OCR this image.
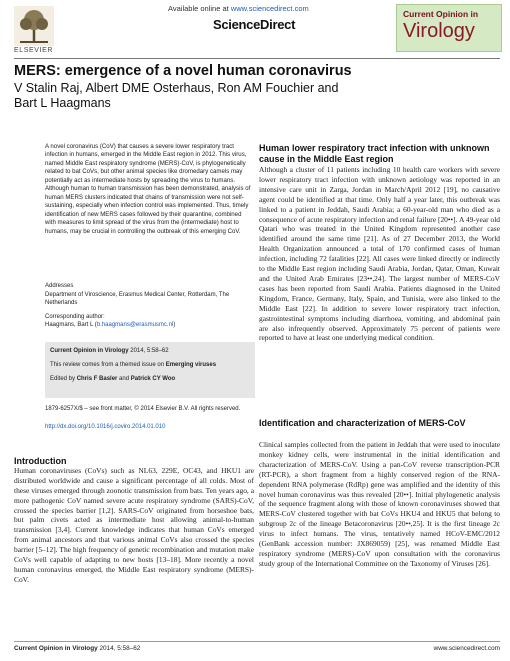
ELSEVIER
Available online at www.sciencedirect.com
ScienceDirect
Current Opinion in
Virology
MERS: emergence of a novel human coronavirus
V Stalin Raj, Albert DME Osterhaus, Ron AM Fouchier and
Bart L Haagmans
A novel coronavirus (CoV) that causes a severe lower respiratory tract infection in humans, emerged in the Middle East region in 2012. This virus, named Middle East respiratory syndrome (MERS)-CoV, is phylogenetically related to bat CoVs, but other animal species like dromedary camels may potentially act as intermediate hosts by spreading the virus to humans. Although human to human transmission has been demonstrated, analysis of human MERS clusters indicated that chains of transmission were not self-sustaining, especially when infection control was implemented. Thus, timely identification of new MERS cases followed by their quarantine, combined with measures to limit spread of the virus from the (intermediate) host to humans, may be crucial in controlling the outbreak of this emerging CoV.
Addresses
Department of Viroscience, Erasmus Medical Center, Rotterdam, The Netherlands
Corresponding author:
Haagmans, Bart L (b.haagmans@erasmusmc.nl)
Current Opinion in Virology 2014, 5:58–62
This review comes from a themed issue on Emerging viruses
Edited by Chris F Basler and Patrick CY Woo
1879-6257X/$ – see front matter, © 2014 Elsevier B.V. All rights reserved.
http://dx.doi.org/10.1016/j.coviro.2014.01.010
Introduction
Human coronaviruses (CoVs) such as NL63, 229E, OC43, and HKU1 are distributed worldwide and cause a significant percentage of all colds. Most of these viruses emerged through zoonotic transmission from bats. Ten years ago, a more pathogenic CoV named severe acute respiratory syndrome (SARS)-CoV, crossed the species barrier [1,2]. SARS-CoV originated from horseshoe bats, but palm civets acted as intermediate host allowing animal-to-human transmission [3,4]. Current knowledge indicates that human CoVs emerged from animal ancestors and that various animal CoVs also crossed the species barrier [5–12]. The high frequency of genetic recombination and mutation make CoVs well capable of adapting to new hosts [13–18]. More recently a novel human coronavirus emerged, the Middle East respiratory syndrome (MERS)-CoV.
Human lower respiratory tract infection with unknown cause in the Middle East region
Although a cluster of 11 patients including 10 health care workers with severe lower respiratory tract infection with unknown aetiology was reported in an intensive care unit in Zarga, Jordan in March/April 2012 [19], no causative agent could be identified at that time. Only half a year later, this outbreak was linked to a patient in Jeddah, Saudi Arabia; a 60-year-old man who died as a consequence of acute respiratory infection and renal failure [20••]. A 49-year old Qatari who was treated in the United Kingdom represented another case identified around the same time [21]. As of 27 December 2013, the World Health Organization announced a total of 170 confirmed cases of human infection, including 72 fatalities [22]. All cases were linked directly or indirectly to the Middle East region including Saudi Arabia, Jordan, Qatar, Oman, Kuwait and the United Arab Emirates [23••,24]. The largest number of MERS-CoV cases has been reported from Saudi Arabia. Patients diagnosed in the United Kingdom, France, Germany, Italy, Spain, and Tunisia, were also linked to the Middle East [22]. In addition to severe lower respiratory tract infection, gastrointestinal symptoms including diarrhoea, vomiting, and abdominal pain are also infrequently observed. Approximately 75 percent of patients were reported to have at least one underlying medical condition.
Identification and characterization of MERS-CoV
Clinical samples collected from the patient in Jeddah that were used to inoculate monkey kidney cells, were instrumental in the initial identification and characterization of MERS-CoV. Using a pan-CoV reverse transcription-PCR (RT-PCR), a short fragment from a highly conserved region of the RNA-dependent RNA polymerase (RdRp) gene was amplified and the identity of this novel human coronavirus was thus revealed [20••]. Initial phylogenetic analysis of the sequence fragment along with those of known coronaviruses showed that MERS-CoV clustered together with bat CoVs HKU4 and HKU5 that belong to subgroup 2c of the lineage Betacoronavirus [20••,25]. It is the first lineage 2c virus to infect humans. The virus, tentatively named HCoV-EMC/2012 (GenBank accession number: JX869059) [25], was renamed Middle East respiratory syndrome (MERS)-CoV upon consultation with the coronavirus study group of the International Committee on the Taxonomy of Viruses [26].
Current Opinion in Virology 2014, 5:58–62	www.sciencedirect.com
